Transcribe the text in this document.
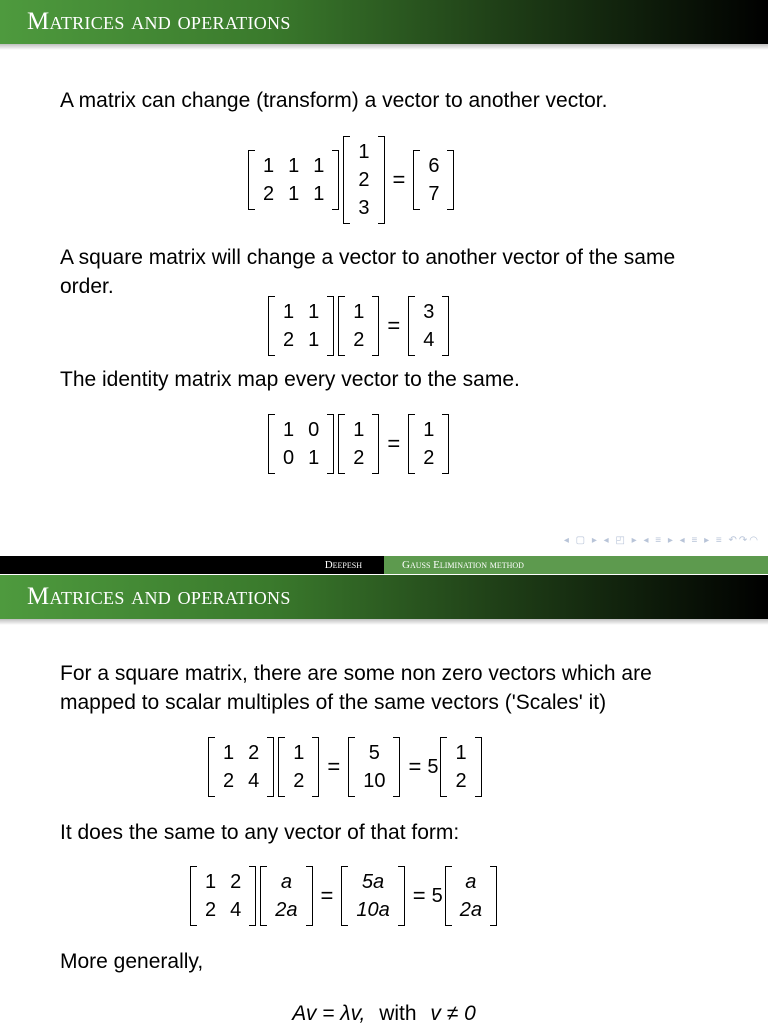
Matrices and operations
A matrix can change (transform) a vector to another vector.
1 1 1
2 1 1
1
2
3
=
6
7
A square matrix will change a vector to another vector of the same order.
1 1
2 1
1
2
=
3
4
The identity matrix map every vector to the same.
1 0
0 1
1
2
=
1
2
◂ ▢ ▸ ◂ ◰ ▸ ◂ ≡ ▸ ◂ ≡ ▸ ≡ ↶↷◠
Deepesh	Gauss Elimination method
Matrices and operations
For a square matrix, there are some non zero vectors which are mapped to scalar multiples of the same vectors ('Scales' it)
1 2
2 4
1
2
=
5
10
= 5
1
2
It does the same to any vector of that form:
1 2
2 4
a
2a
=
5a
10a
= 5
a
2a
More generally,
Av = λv, with v ≠ 0
